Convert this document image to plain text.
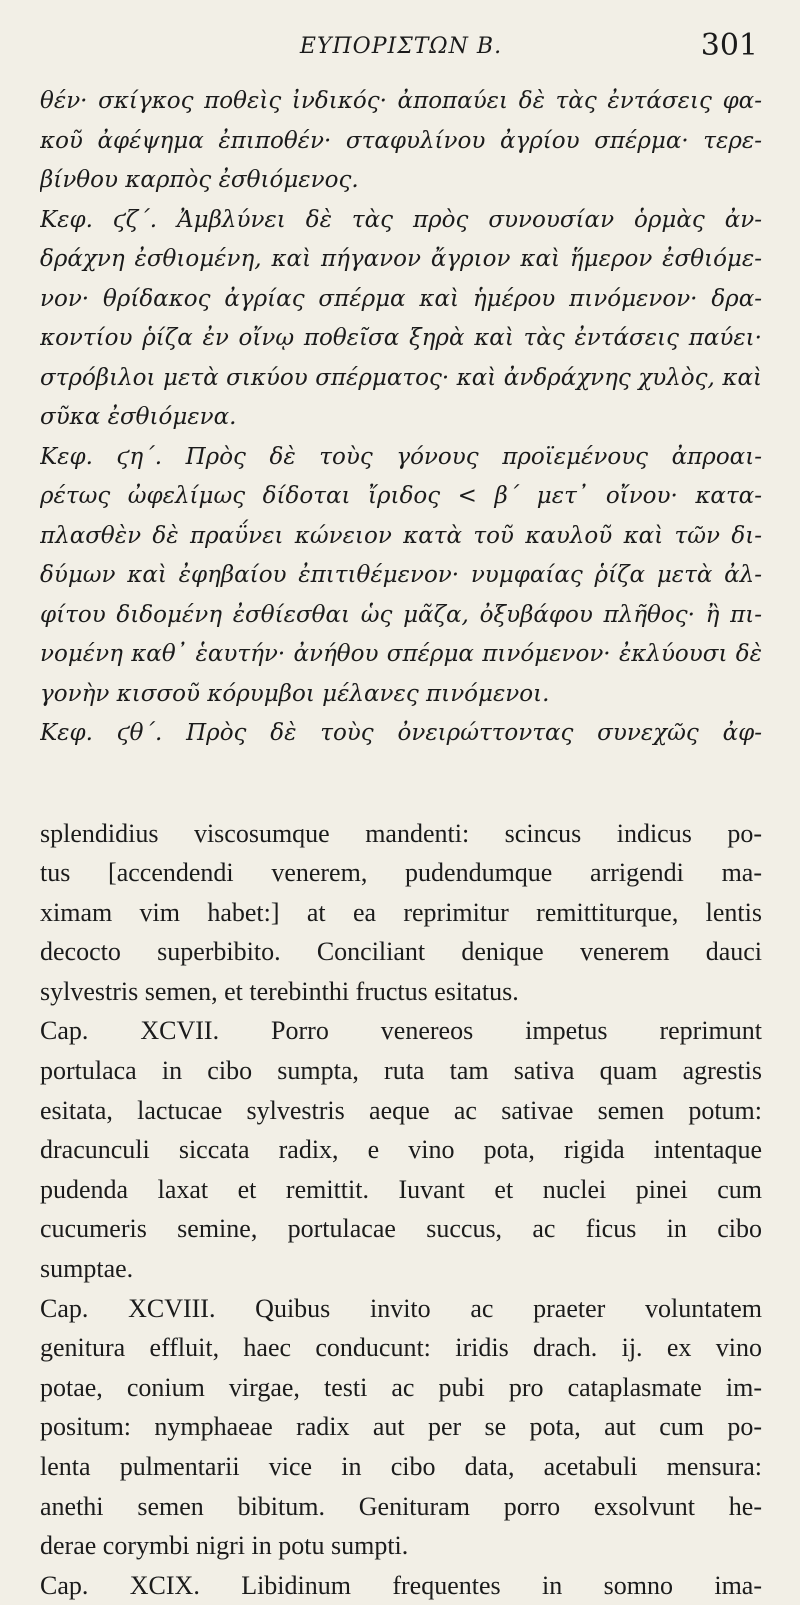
ΕΥΠΟΡΙΣΤΩΝ Β.	301
θέν· σκίγκος ποθεὶς ἰνδικός· ἀποπαύει δὲ τὰς ἐντάσεις φα-
κοῦ ἀφέψημα ἐπιποθέν· σταφυλίνου ἀγρίου σπέρμα· τερε-
βίνθου καρπὸς ἐσθιόμενος.
Κεφ. ϛζ΄. Ἀμβλύνει δὲ τὰς πρὸς συνουσίαν ὁρμὰς ἀν-
δράχνη ἐσθιομένη, καὶ πήγανον ἄγριον καὶ ἥμερον ἐσθιόμε-
νον· θρίδακος ἀγρίας σπέρμα καὶ ἡμέρου πινόμενον· δρα-
κοντίου ῥίζα ἐν οἴνῳ ποθεῖσα ξηρὰ καὶ τὰς ἐντάσεις παύει·
στρόβιλοι μετὰ σικύου σπέρματος· καὶ ἀνδράχνης χυλὸς, καὶ
σῦκα ἐσθιόμενα.
Κεφ. ϛη΄. Πρὸς δὲ τοὺς γόνους προϊεμένους ἀπροαι-
ρέτως ὠφελίμως δίδοται ἴριδος < β΄ μετ᾽ οἴνου· κατα-
πλασθὲν δὲ πραΰνει κώνειον κατὰ τοῦ καυλοῦ καὶ τῶν δι-
δύμων καὶ ἐφηβαίου ἐπιτιθέμενον· νυμφαίας ῥίζα μετὰ ἀλ-
φίτου διδομένη ἐσθίεσθαι ὡς μᾶζα, ὀξυβάφου πλῆθος· ἢ πι-
νομένη καθ᾽ ἑαυτήν· ἀνήθου σπέρμα πινόμενον· ἐκλύουσι δὲ
γονὴν κισσοῦ κόρυμβοι μέλανες πινόμενοι.
Κεφ. ϛθ΄. Πρὸς δὲ τοὺς ὀνειρώττοντας συνεχῶς ἀφ-
splendidius viscosumque mandenti: scincus indicus po-
tus [accendendi venerem, pudendumque arrigendi ma-
ximam vim habet:] at ea reprimitur remittiturque, lentis
decocto superbibito. Conciliant denique venerem dauci
sylvestris semen, et terebinthi fructus esitatus.
Cap. XCVII. Porro venereos impetus reprimunt
portulaca in cibo sumpta, ruta tam sativa quam agrestis
esitata, lactucae sylvestris aeque ac sativae semen potum:
dracunculi siccata radix, e vino pota, rigida intentaque
pudenda laxat et remittit. Iuvant et nuclei pinei cum
cucumeris semine, portulacae succus, ac ficus in cibo
sumptae.
Cap. XCVIII. Quibus invito ac praeter voluntatem
genitura effluit, haec conducunt: iridis drach. ij. ex vino
potae, conium virgae, testi ac pubi pro cataplasmate im-
positum: nymphaeae radix aut per se pota, aut cum po-
lenta pulmentarii vice in cibo data, acetabuli mensura:
anethi semen bibitum. Genituram porro exsolvunt he-
derae corymbi nigri in potu sumpti.
Cap. XCIX. Libidinum frequentes in somno ima-
